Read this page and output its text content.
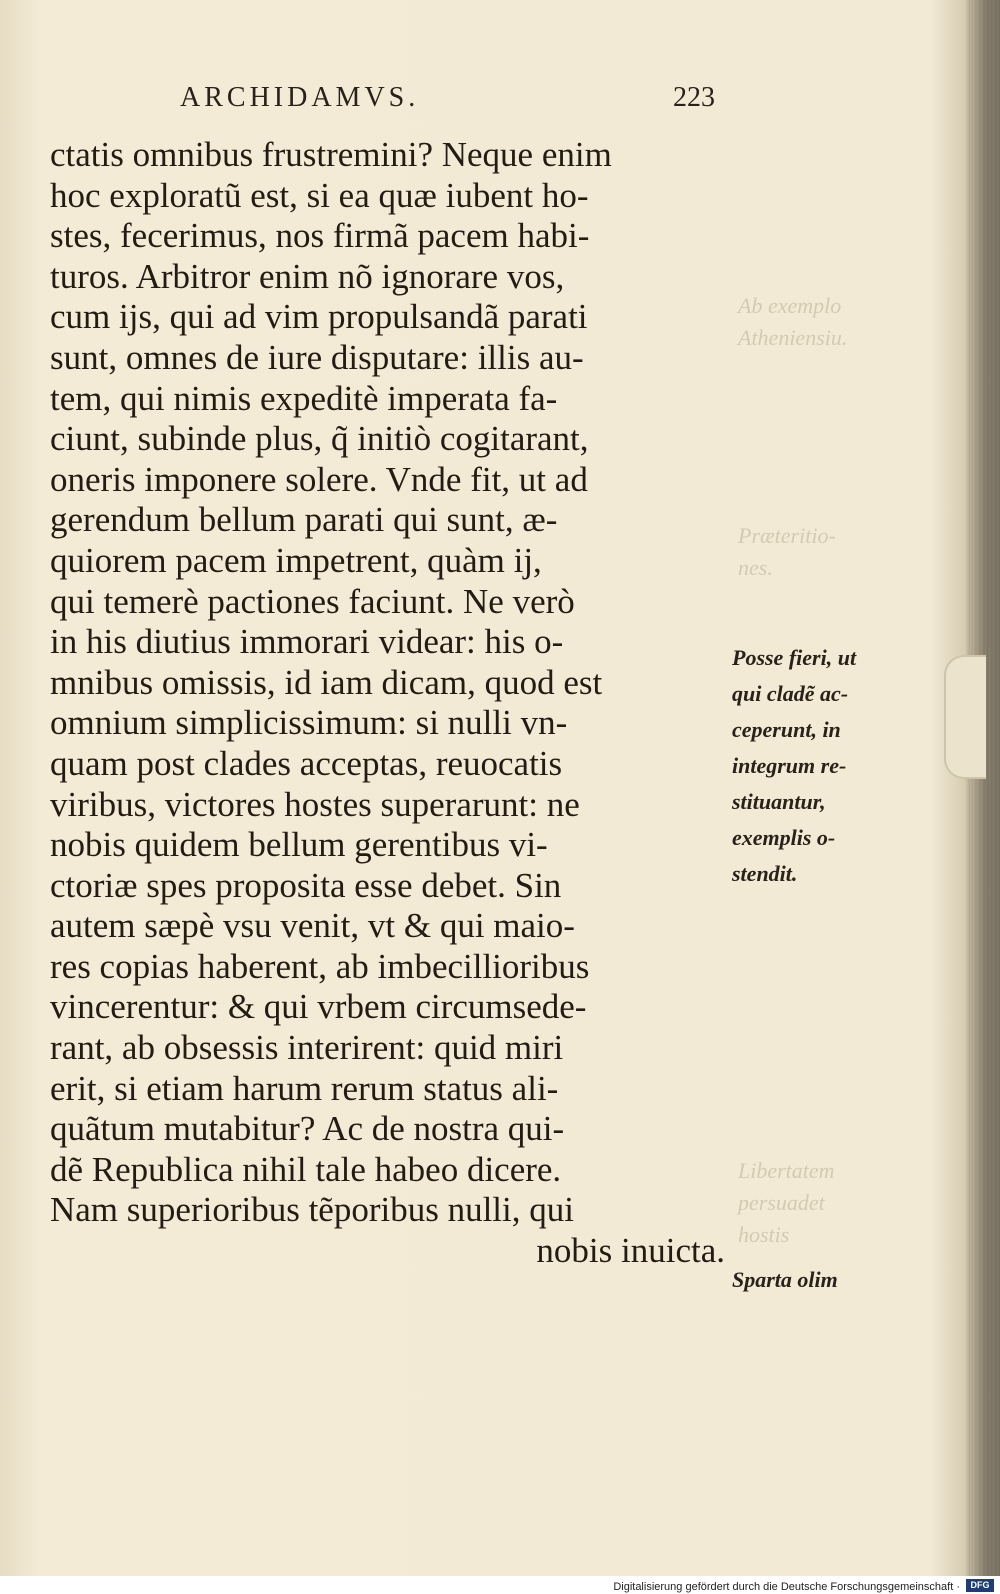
ARCHIDAMVS.	223
ctatis omnibus frustremini? Neque enim
hoc exploratũ est, si ea quæ iubent ho-
stes, fecerimus, nos firmã pacem habi-
turos. Arbitror enim nõ ignorare vos,
cum ijs, qui ad vim propulsandã parati
sunt, omnes de iure disputare: illis au-
tem, qui nimis expeditè imperata fa-
ciunt, subinde plus, q̃ initiò cogitarant,
oneris imponere solere. Vnde fit, ut ad
gerendum bellum parati qui sunt, æ-
quiorem pacem impetrent, quàm ij,
qui temerè pactiones faciunt. Ne verò
in his diutius immorari videar: his o-
mnibus omissis, id iam dicam, quod est
omnium simplicissimum: si nulli vn-
quam post clades acceptas, reuocatis
viribus, victores hostes superarunt: ne
nobis quidem bellum gerentibus vi-
ctoriæ spes proposita esse debet. Sin
autem sæpè vsu venit, vt & qui maio-
res copias haberent, ab imbecillioribus
vincerentur: & qui vrbem circumsede-
rant, ab obsessis interirent: quid miri
erit, si etiam harum rerum status ali-
quãtum mutabitur? Ac de nostra qui-
dẽ Republica nihil tale habeo dicere.
Nam superioribus tẽporibus nulli, qui
nobis inuicta.
Ab exemplo
Atheniensiu.
Præteritio-
nes.
Libertatem
persuadet
hostis
Posse fieri, ut
qui cladẽ ac-
ceperunt, in
integrum re-
stituantur,
exemplis o-
stendit.
Sparta olim
Digitalisierung gefördert durch die Deutsche Forschungsgemeinschaft ·	DFG
